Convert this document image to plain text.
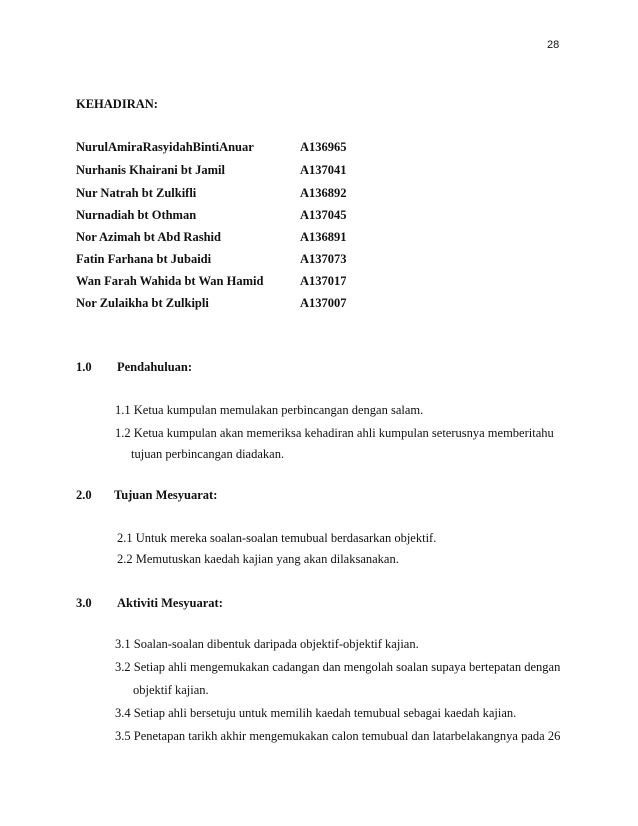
28
KEHADIRAN:
NurulAmiraRasyidahBintiAnuar	A136965
Nurhanis Khairani bt Jamil	A137041
Nur Natrah bt Zulkifli	A136892
Nurnadiah bt Othman	A137045
Nor Azimah bt Abd Rashid	A136891
Fatin Farhana bt Jubaidi	A137073
Wan Farah Wahida bt Wan Hamid	A137017
Nor Zulaikha bt Zulkipli	A137007
1.0 Pendahuluan:
1.1 Ketua kumpulan memulakan perbincangan dengan salam.
1.2 Ketua kumpulan akan memeriksa kehadiran ahli kumpulan seterusnya memberitahu
tujuan perbincangan diadakan.
2.0 Tujuan Mesyuarat:
2.1 Untuk mereka soalan-soalan temubual berdasarkan objektif.
2.2 Memutuskan kaedah kajian yang akan dilaksanakan.
3.0 Aktiviti Mesyuarat:
3.1 Soalan-soalan dibentuk daripada objektif-objektif kajian.
3.2 Setiap ahli mengemukakan cadangan dan mengolah soalan supaya bertepatan dengan
objektif kajian.
3.4 Setiap ahli bersetuju untuk memilih kaedah temubual sebagai kaedah kajian.
3.5 Penetapan tarikh akhir mengemukakan calon temubual dan latarbelakangnya pada 26
